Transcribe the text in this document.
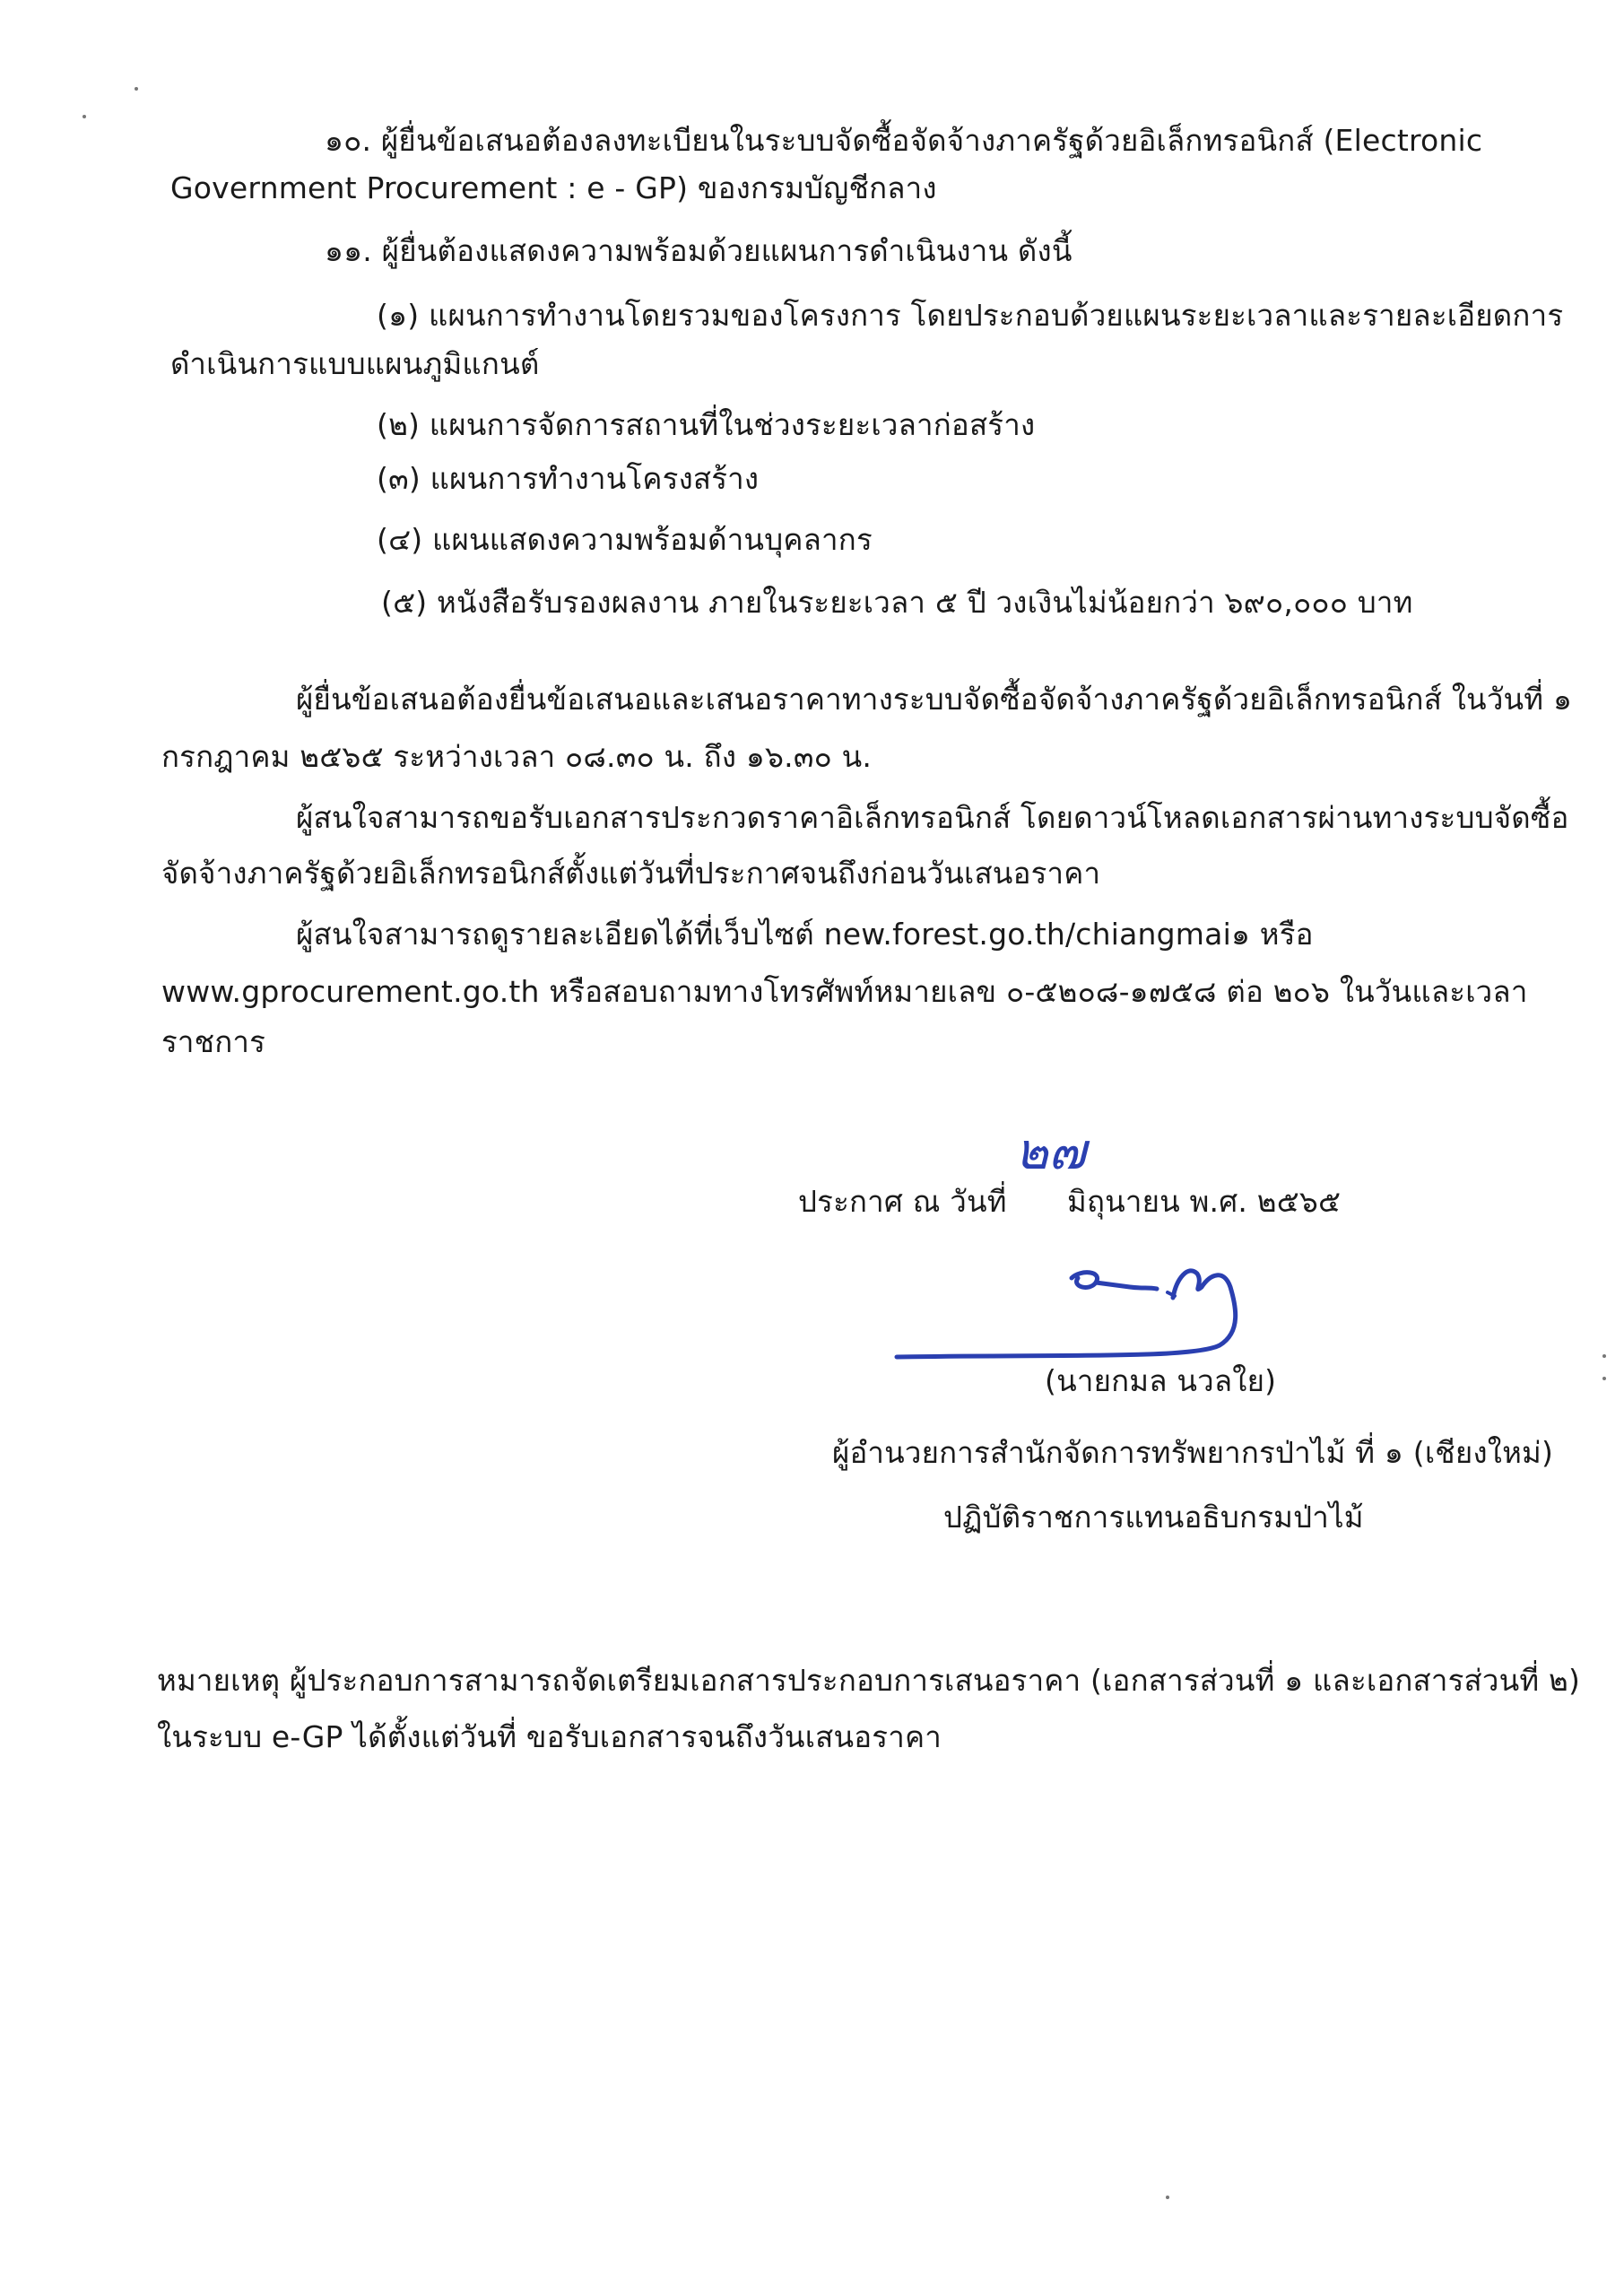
๑๐. ผู้ยื่นข้อเสนอต้องลงทะเบียนในระบบจัดซื้อจัดจ้างภาครัฐด้วยอิเล็กทรอนิกส์ (Electronic
Government Procurement : e - GP) ของกรมบัญชีกลาง
๑๑. ผู้ยื่นต้องแสดงความพร้อมด้วยแผนการดำเนินงาน ดังนี้
(๑) แผนการทำงานโดยรวมของโครงการ โดยประกอบด้วยแผนระยะเวลาและรายละเอียดการ
ดำเนินการแบบแผนภูมิแกนต์
(๒) แผนการจัดการสถานที่ในช่วงระยะเวลาก่อสร้าง
(๓) แผนการทำงานโครงสร้าง
(๔) แผนแสดงความพร้อมด้านบุคลากร
(๕) หนังสือรับรองผลงาน ภายในระยะเวลา ๕ ปี วงเงินไม่น้อยกว่า ๖๙๐,๐๐๐ บาท
ผู้ยื่นข้อเสนอต้องยื่นข้อเสนอและเสนอราคาทางระบบจัดซื้อจัดจ้างภาครัฐด้วยอิเล็กทรอนิกส์ ในวันที่ ๑
กรกฎาคม ๒๕๖๕ ระหว่างเวลา ๐๘.๓๐ น. ถึง ๑๖.๓๐ น.
ผู้สนใจสามารถขอรับเอกสารประกวดราคาอิเล็กทรอนิกส์ โดยดาวน์โหลดเอกสารผ่านทางระบบจัดซื้อ
จัดจ้างภาครัฐด้วยอิเล็กทรอนิกส์ตั้งแต่วันที่ประกาศจนถึงก่อนวันเสนอราคา
ผู้สนใจสามารถดูรายละเอียดได้ที่เว็บไซต์ new.forest.go.th/chiangmai๑ หรือ
www.gprocurement.go.th หรือสอบถามทางโทรศัพท์หมายเลข ๐-๕๒๐๘-๑๗๕๘ ต่อ ๒๐๖ ในวันและเวลา
ราชการ
ประกาศ ณ วันที่
๒๗
มิถุนายน พ.ศ. ๒๕๖๕
(นายกมล นวลใย)
ผู้อำนวยการสำนักจัดการทรัพยากรป่าไม้ ที่ ๑ (เชียงใหม่)
ปฏิบัติราชการแทนอธิบกรมป่าไม้
หมายเหตุ ผู้ประกอบการสามารถจัดเตรียมเอกสารประกอบการเสนอราคา (เอกสารส่วนที่ ๑ และเอกสารส่วนที่ ๒)
ในระบบ e-GP ได้ตั้งแต่วันที่ ขอรับเอกสารจนถึงวันเสนอราคา
